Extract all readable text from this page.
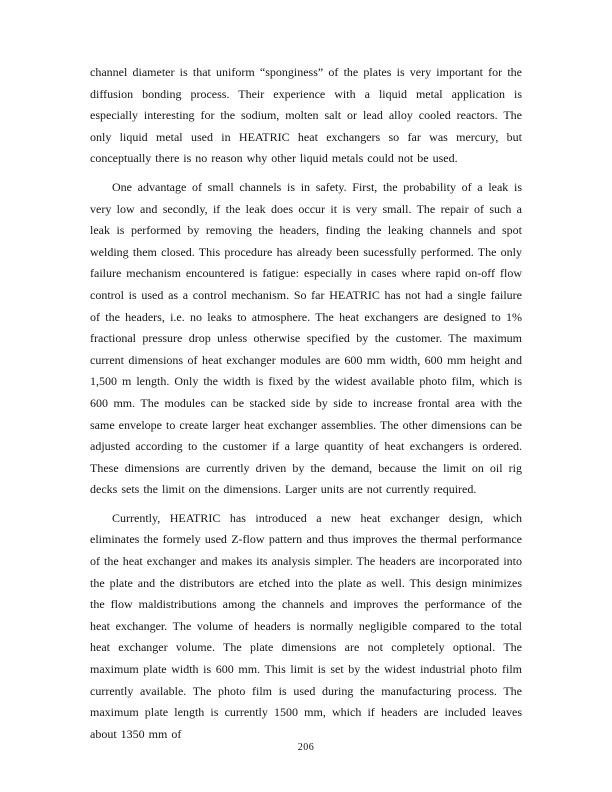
channel diameter is that uniform “sponginess” of the plates is very important for the diffusion bonding process. Their experience with a liquid metal application is especially interesting for the sodium, molten salt or lead alloy cooled reactors. The only liquid metal used in HEATRIC heat exchangers so far was mercury, but conceptually there is no reason why other liquid metals could not be used.

One advantage of small channels is in safety. First, the probability of a leak is very low and secondly, if the leak does occur it is very small. The repair of such a leak is performed by removing the headers, finding the leaking channels and spot welding them closed. This procedure has already been sucessfully performed. The only failure mechanism encountered is fatigue: especially in cases where rapid on-off flow control is used as a control mechanism. So far HEATRIC has not had a single failure of the headers, i.e. no leaks to atmosphere. The heat exchangers are designed to 1% fractional pressure drop unless otherwise specified by the customer. The maximum current dimensions of heat exchanger modules are 600 mm width, 600 mm height and 1,500 m length. Only the width is fixed by the widest available photo film, which is 600 mm. The modules can be stacked side by side to increase frontal area with the same envelope to create larger heat exchanger assemblies. The other dimensions can be adjusted according to the customer if a large quantity of heat exchangers is ordered. These dimensions are currently driven by the demand, because the limit on oil rig decks sets the limit on the dimensions. Larger units are not currently required.

Currently, HEATRIC has introduced a new heat exchanger design, which eliminates the formely used Z-flow pattern and thus improves the thermal performance of the heat exchanger and makes its analysis simpler. The headers are incorporated into the plate and the distributors are etched into the plate as well. This design minimizes the flow maldistributions among the channels and improves the performance of the heat exchanger. The volume of headers is normally negligible compared to the total heat exchanger volume. The plate dimensions are not completely optional. The maximum plate width is 600 mm. This limit is set by the widest industrial photo film currently available. The photo film is used during the manufacturing process. The maximum plate length is currently 1500 mm, which if headers are included leaves about 1350 mm of

206
